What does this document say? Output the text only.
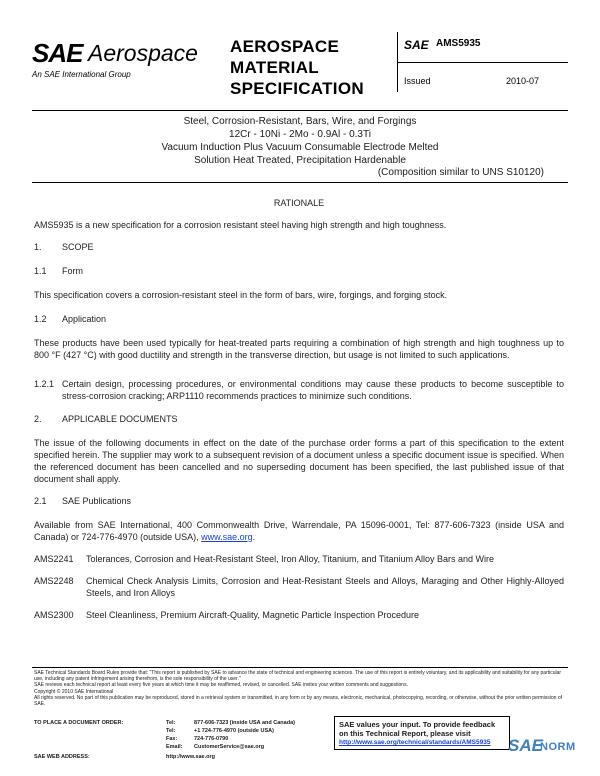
SAE Aerospace
An SAE International Group
AEROSPACE
MATERIAL
SPECIFICATION
SAE AMS5935
Issued	2010-07
Steel, Corrosion-Resistant, Bars, Wire, and Forgings
12Cr - 10Ni - 2Mo - 0.9Al - 0.3Ti
Vacuum Induction Plus Vacuum Consumable Electrode Melted
Solution Heat Treated, Precipitation Hardenable
(Composition similar to UNS S10120)
RATIONALE
AMS5935 is a new specification for a corrosion resistant steel having high strength and high toughness.
1. SCOPE
1.1 Form
This specification covers a corrosion-resistant steel in the form of bars, wire, forgings, and forging stock.
1.2 Application
These products have been used typically for heat-treated parts requiring a combination of high strength and high toughness up to 800 °F (427 °C) with good ductility and strength in the transverse direction, but usage is not limited to such applications.
1.2.1 Certain design, processing procedures, or environmental conditions may cause these products to become susceptible to stress-corrosion cracking; ARP1110 recommends practices to minimize such conditions.
2. APPLICABLE DOCUMENTS
The issue of the following documents in effect on the date of the purchase order forms a part of this specification to the extent specified herein. The supplier may work to a subsequent revision of a document unless a specific document issue is specified. When the referenced document has been cancelled and no superseding document has been specified, the last published issue of that document shall apply.
2.1 SAE Publications
Available from SAE International, 400 Commonwealth Drive, Warrendale, PA 15096-0001, Tel: 877-606-7323 (inside USA and Canada) or 724-776-4970 (outside USA), www.sae.org.
AMS2241 Tolerances, Corrosion and Heat-Resistant Steel, Iron Alloy, Titanium, and Titanium Alloy Bars and Wire
AMS2248 Chemical Check Analysis Limits, Corrosion and Heat-Resistant Steels and Alloys, Maraging and Other Highly-Alloyed Steels, and Iron Alloys
AMS2300 Steel Cleanliness, Premium Aircraft-Quality, Magnetic Particle Inspection Procedure
SAE Technical Standards Board Rules provide that: "This report is published by SAE to advance the state of technical and engineering sciences. The use of this report is entirely voluntary, and its applicability and suitability for any particular use, including any patent infringement arising therefrom, is the sole responsibility of the user."
SAE reviews each technical report at least every five years at which time it may be reaffirmed, revised, or cancelled. SAE invites your written comments and suggestions.
Copyright © 2010 SAE International
All rights reserved. No part of this publication may be reproduced, stored in a retrieval system or transmitted, in any form or by any means, electronic, mechanical, photocopying, recording, or otherwise, without the prior written permission of SAE.
TO PLACE A DOCUMENT ORDER:	Tel:	877-606-7323 (inside USA and Canada)
Tel:	+1 724-776-4970 (outside USA)
Fax:	724-776-0790
Email: CustomerService@sae.org
SAE WEB ADDRESS:	http://www.sae.org
SAE values your input. To provide feedback
on this Technical Report, please visit
http://www.sae.org/technical/standards/AMS5935	SAE
NORM
